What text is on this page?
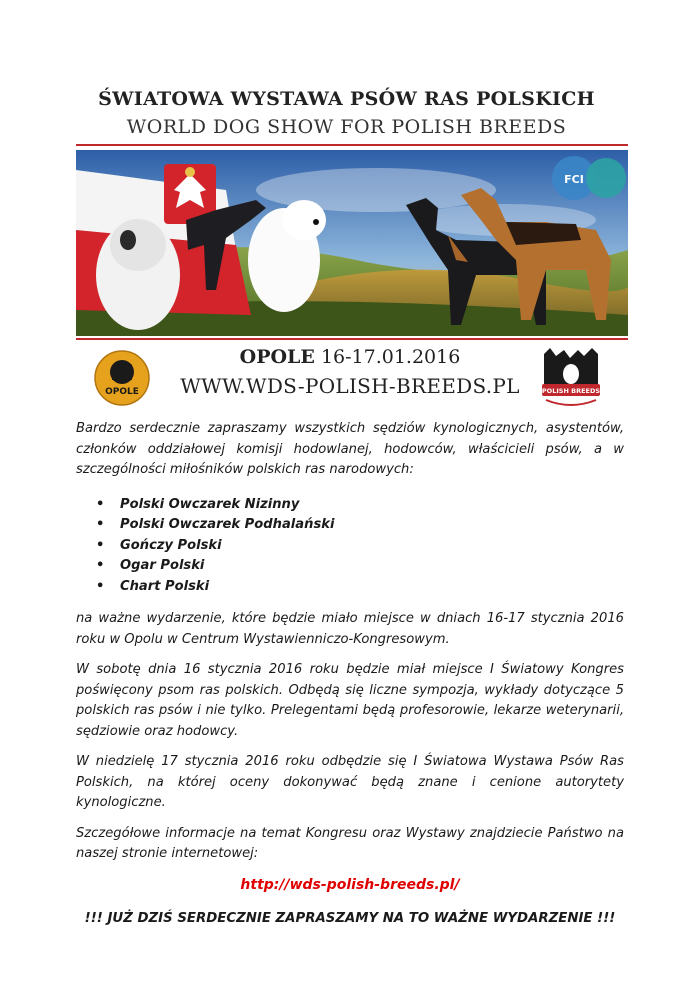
ŚWIATOWA WYSTAWA PSÓW RAS POLSKICH
WORLD DOG SHOW FOR POLISH BREEDS
FCI
OPOLE
OPOLE 16-17.01.2016
WWW.WDS-POLISH-BREEDS.PL	POLISH BREEDS

Bardzo serdecznie zapraszamy wszystkich sędziów kynologicznych, asystentów, członków oddziałowej komisji hodowlanej, hodowców, właścicieli psów, a w szczególności miłośników polskich ras narodowych:

• Polski Owczarek Nizinny
• Polski Owczarek Podhalański
• Gończy Polski
• Ogar Polski
• Chart Polski

na ważne wydarzenie, które będzie miało miejsce w dniach 16-17 stycznia 2016 roku w Opolu w Centrum Wystawienniczo-Kongresowym.

W sobotę dnia 16 stycznia 2016 roku będzie miał miejsce I Światowy Kongres poświęcony psom ras polskich. Odbędą się liczne sympozja, wykłady dotyczące 5 polskich ras psów i nie tylko. Prelegentami będą profesorowie, lekarze weterynarii, sędziowie oraz hodowcy.

W niedzielę 17 stycznia 2016 roku odbędzie się I Światowa Wystawa Psów Ras Polskich, na której oceny dokonywać będą znane i cenione autorytety kynologiczne.

Szczegółowe informacje na temat Kongresu oraz Wystawy znajdziecie Państwo na naszej stronie internetowej:

http://wds-polish-breeds.pl/

!!! JUŻ DZIŚ SERDECZNIE ZAPRASZAMY NA TO WAŻNE WYDARZENIE !!!
